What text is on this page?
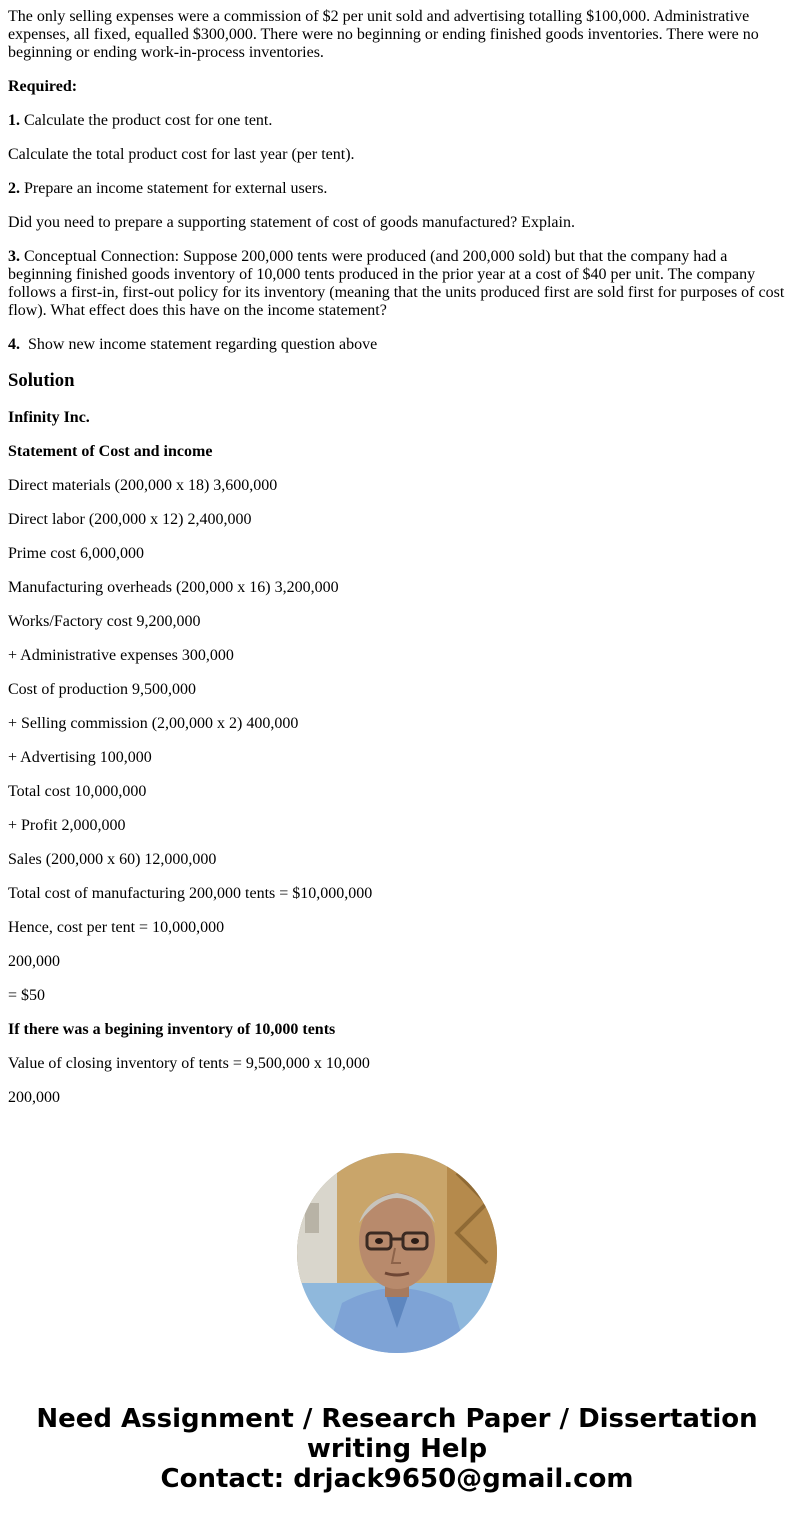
The only selling expenses were a commission of $2 per unit sold and advertising totalling $100,000. Administrative expenses, all fixed, equalled $300,000. There were no beginning or ending finished goods inventories. There were no beginning or ending work-in-process inventories.

Required:

1. Calculate the product cost for one tent.

Calculate the total product cost for last year (per tent).

2. Prepare an income statement for external users.

Did you need to prepare a supporting statement of cost of goods manufactured? Explain.

3. Conceptual Connection: Suppose 200,000 tents were produced (and 200,000 sold) but that the company had a beginning finished goods inventory of 10,000 tents produced in the prior year at a cost of $40 per unit. The company follows a first-in, first-out policy for its inventory (meaning that the units produced first are sold first for purposes of cost flow). What effect does this have on the income statement?

4.  Show new income statement regarding question above

Solution

Infinity Inc.

Statement of Cost and income

Direct materials (200,000 x 18) 3,600,000

Direct labor (200,000 x 12) 2,400,000

Prime cost 6,000,000

Manufacturing overheads (200,000 x 16) 3,200,000

Works/Factory cost 9,200,000

+ Administrative expenses 300,000

Cost of production 9,500,000

+ Selling commission (2,00,000 x 2) 400,000

+ Advertising 100,000

Total cost 10,000,000

+ Profit 2,000,000

Sales (200,000 x 60) 12,000,000

Total cost of manufacturing 200,000 tents = $10,000,000

Hence, cost per tent = 10,000,000

200,000

= $50

If there was a begining inventory of 10,000 tents

Value of closing inventory of tents = 9,500,000 x 10,000

200,000

Need Assignment / Research Paper / Dissertation
writing Help
Contact: drjack9650@gmail.com
